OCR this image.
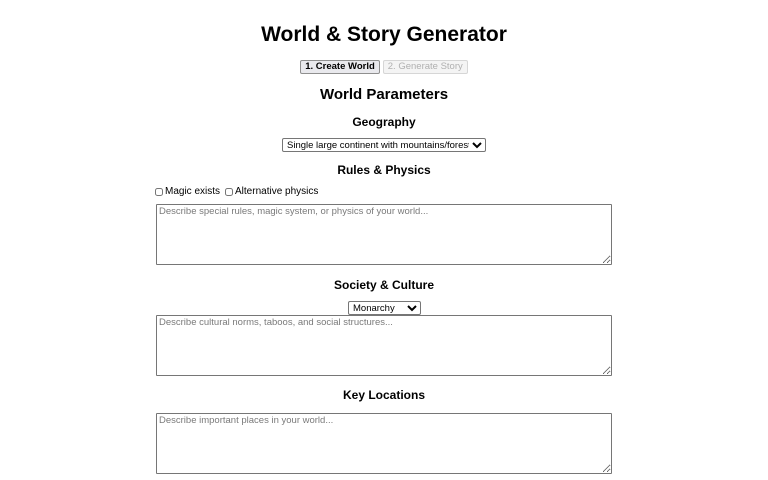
World & Story Generator
1. Create World	2. Generate Story
World Parameters
Geography
Single large continent with mountains/forests
Rules & Physics
Magic exists Alternative physics
Describe special rules, magic system, or physics of your world...
Society & Culture
Monarchy
Describe cultural norms, taboos, and social structures...
Key Locations
Describe important places in your world...
